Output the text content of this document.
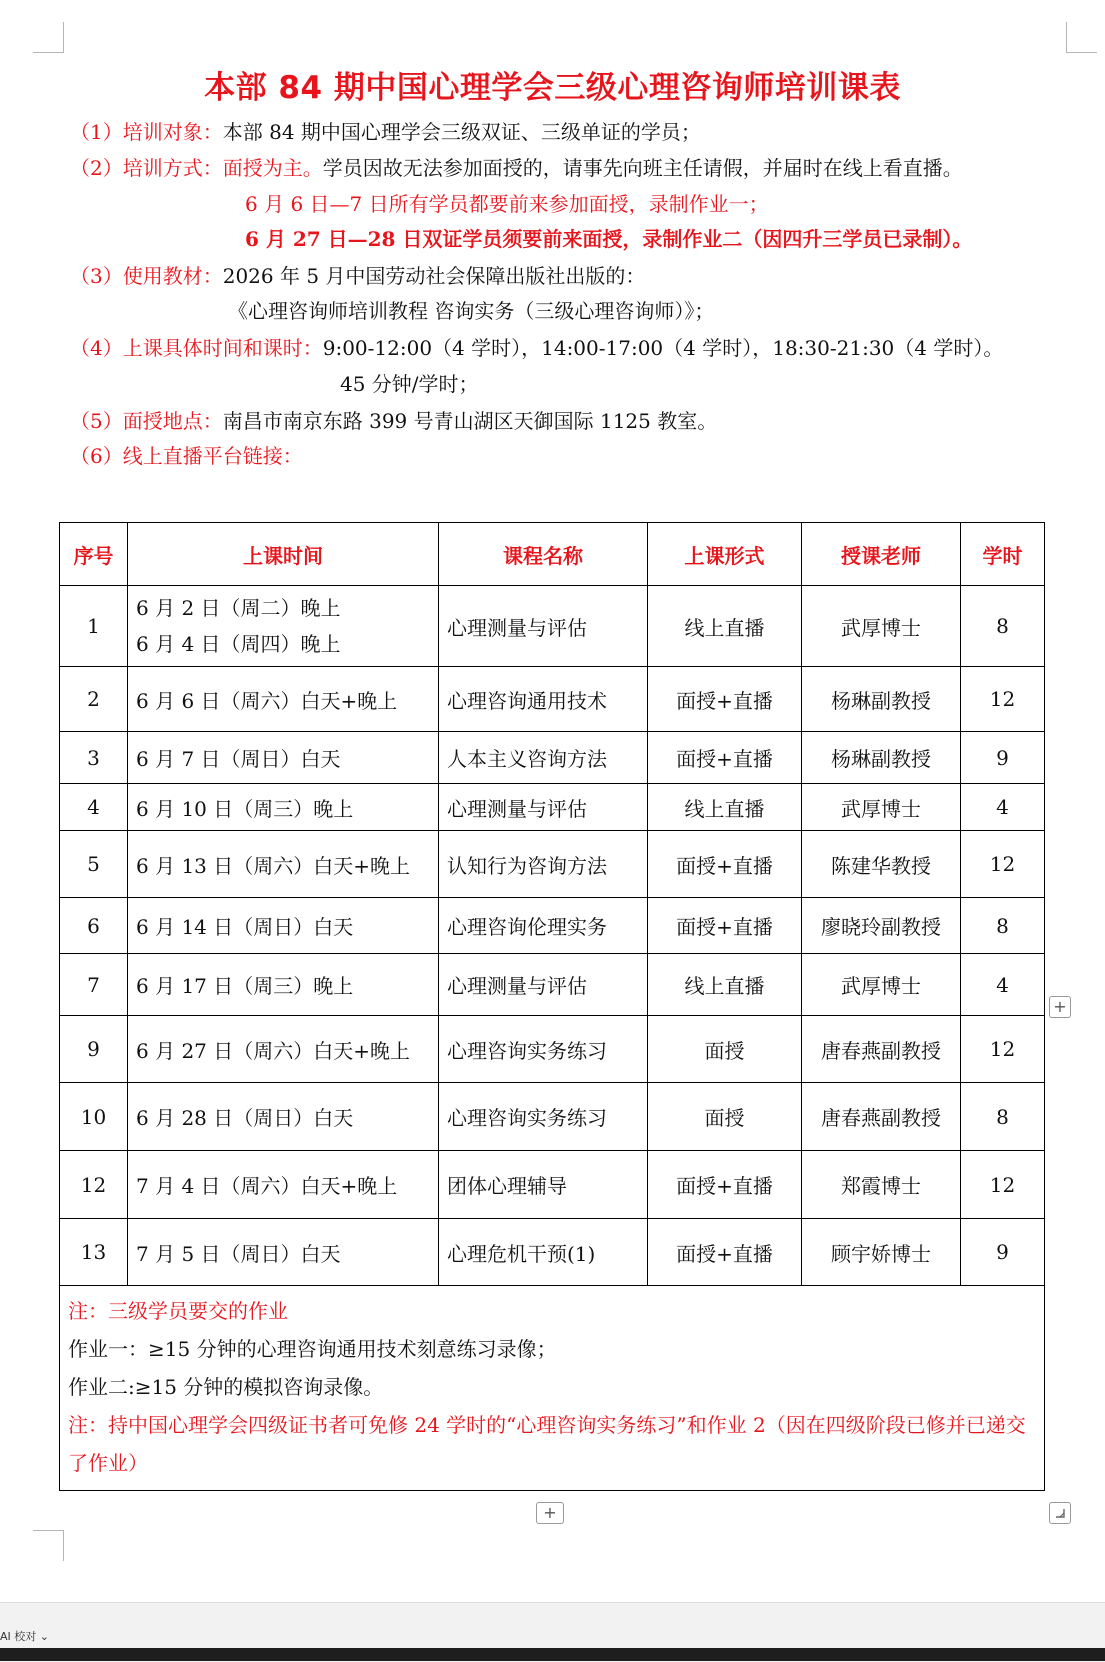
本部 84 期中国心理学会三级心理咨询师培训课表
（1）培训对象：本部 84 期中国心理学会三级双证、三级单证的学员；
（2）培训方式：面授为主。学员因故无法参加面授的，请事先向班主任请假，并届时在线上看直播。
6 月 6 日—7 日所有学员都要前来参加面授，录制作业一；
6 月 27 日—28 日双证学员须要前来面授，录制作业二（因四升三学员已录制）。
（3）使用教材：2026 年 5 月中国劳动社会保障出版社出版的：
《心理咨询师培训教程 咨询实务（三级心理咨询师）》；
（4）上课具体时间和课时：9:00-12:00（4 学时），14:00-17:00（4 学时），18:30-21:30（4 学时）。
45 分钟/学时；
（5）面授地点：南昌市南京东路 399 号青山湖区天御国际 1125 教室。
（6）线上直播平台链接：
序号	上课时间	课程名称	上课形式	授课老师	学时
1	6 月 2 日（周二）晚上
6 月 4 日（周四）晚上	心理测量与评估	线上直播	武厚博士	8
2	6 月 6 日（周六）白天+晚上	心理咨询通用技术	面授+直播	杨琳副教授	12
3	6 月 7 日（周日）白天	人本主义咨询方法	面授+直播	杨琳副教授	9
4	6 月 10 日（周三）晚上	心理测量与评估	线上直播	武厚博士	4
5	6 月 13 日（周六）白天+晚上	认知行为咨询方法	面授+直播	陈建华教授	12
6	6 月 14 日（周日）白天	心理咨询伦理实务	面授+直播	廖晓玲副教授	8
7	6 月 17 日（周三）晚上	心理测量与评估	线上直播	武厚博士	4
9	6 月 27 日（周六）白天+晚上	心理咨询实务练习	面授	唐春燕副教授	12
10	6 月 28 日（周日）白天	心理咨询实务练习	面授	唐春燕副教授	8
12	7 月 4 日（周六）白天+晚上	团体心理辅导	面授+直播	郑霞博士	12
13	7 月 5 日（周日）白天	心理危机干预(1)	面授+直播	顾宇娇博士	9

注：三级学员要交的作业
作业一：≥15 分钟的心理咨询通用技术刻意练习录像；
作业二:≥15 分钟的模拟咨询录像。
注：持中国心理学会四级证书者可免修 24 学时的“心理咨询实务练习”和作业 2（因在四级阶段已修并已递交了作业）					
+
+
AI 校对 ⌄
